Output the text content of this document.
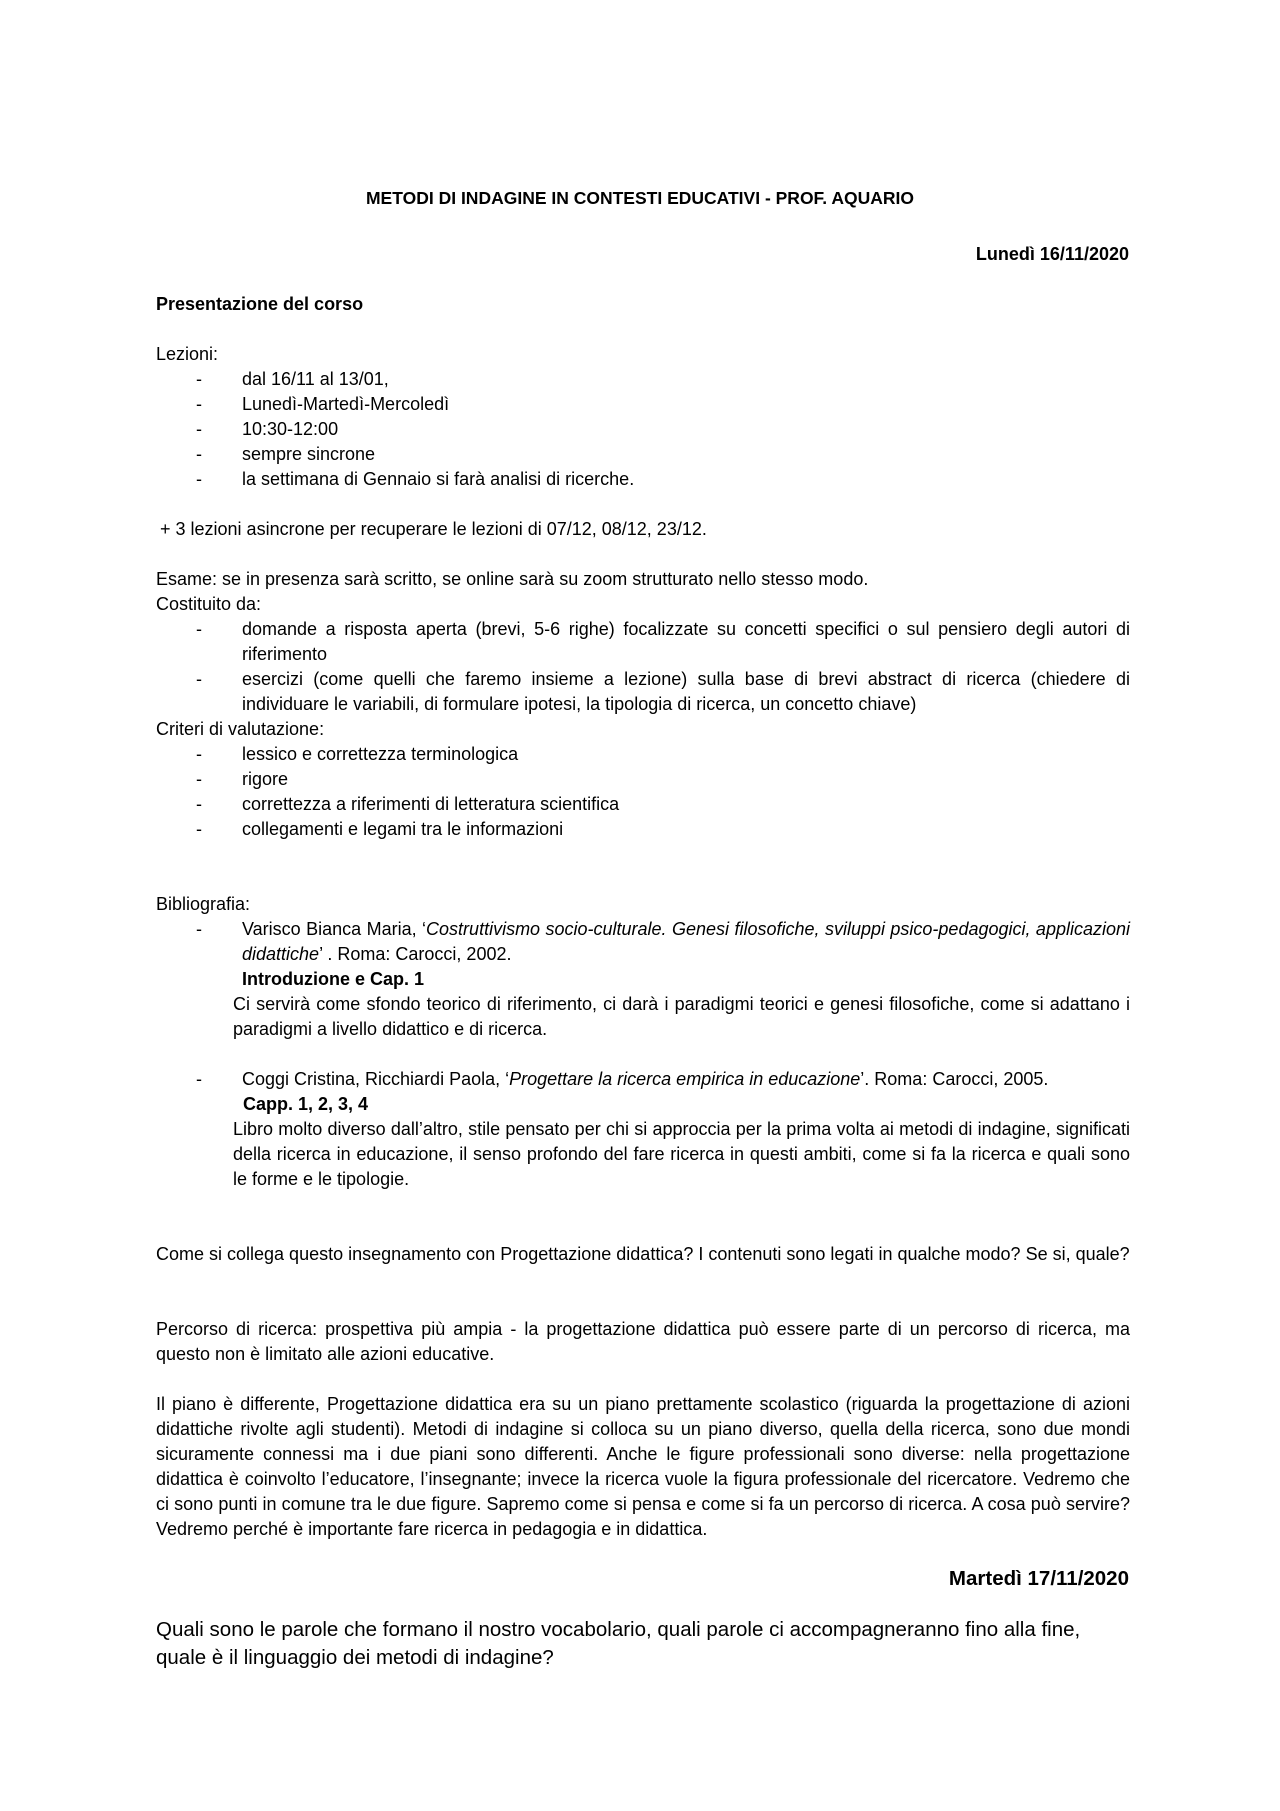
METODI DI INDAGINE IN CONTESTI EDUCATIVI - PROF. AQUARIO
Lunedì 16/11/2020
Presentazione del corso
Lezioni:
- dal 16/11 al 13/01,
- Lunedì-Martedì-Mercoledì
- 10:30-12:00
- sempre sincrone
- la settimana di Gennaio si farà analisi di ricerche.
+ 3 lezioni asincrone per recuperare le lezioni di 07/12, 08/12, 23/12.
Esame: se in presenza sarà scritto, se online sarà su zoom strutturato nello stesso modo.
Costituito da:
- domande a risposta aperta (brevi, 5-6 righe) focalizzate su concetti specifici o sul pensiero degli autori di riferimento
- esercizi (come quelli che faremo insieme a lezione) sulla base di brevi abstract di ricerca (chiedere di individuare le variabili, di formulare ipotesi, la tipologia di ricerca, un concetto chiave)
Criteri di valutazione:
- lessico e correttezza terminologica
- rigore
- correttezza a riferimenti di letteratura scientifica
- collegamenti e legami tra le informazioni
Bibliografia:
- Varisco Bianca Maria, ‘Costruttivismo socio-culturale. Genesi filosofiche, sviluppi psico-pedagogici, applicazioni didattiche’ . Roma: Carocci, 2002.
Introduzione e Cap. 1
Ci servirà come sfondo teorico di riferimento, ci darà i paradigmi teorici e genesi filosofiche, come si adattano i paradigmi a livello didattico e di ricerca.
- Coggi Cristina, Ricchiardi Paola, ‘Progettare la ricerca empirica in educazione’. Roma: Carocci, 2005.
Capp. 1, 2, 3, 4
Libro molto diverso dall’altro, stile pensato per chi si approccia per la prima volta ai metodi di indagine, significati della ricerca in educazione, il senso profondo del fare ricerca in questi ambiti, come si fa la ricerca e quali sono le forme e le tipologie.
Come si collega questo insegnamento con Progettazione didattica? I contenuti sono legati in qualche modo? Se si, quale?
Percorso di ricerca: prospettiva più ampia - la progettazione didattica può essere parte di un percorso di ricerca, ma questo non è limitato alle azioni educative.
Il piano è differente, Progettazione didattica era su un piano prettamente scolastico (riguarda la progettazione di azioni didattiche rivolte agli studenti). Metodi di indagine si colloca su un piano diverso, quella della ricerca, sono due mondi sicuramente connessi ma i due piani sono differenti. Anche le figure professionali sono diverse: nella progettazione didattica è coinvolto l’educatore, l’insegnante; invece la ricerca vuole la figura professionale del ricercatore. Vedremo che ci sono punti in comune tra le due figure. Sapremo come si pensa e come si fa un percorso di ricerca. A cosa può servire? Vedremo perché è importante fare ricerca in pedagogia e in didattica.
Martedì 17/11/2020
Quali sono le parole che formano il nostro vocabolario, quali parole ci accompagneranno fino alla fine, quale è il linguaggio dei metodi di indagine?
